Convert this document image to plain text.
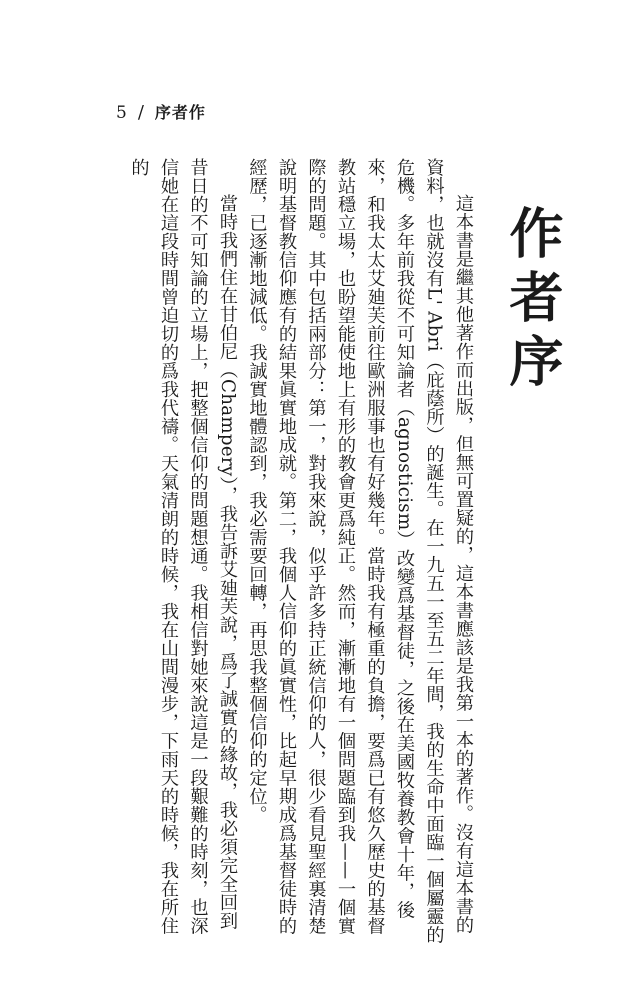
5 / 序者作
作者序

這本書是繼其他著作而出版，但無可置疑的，這本書應該是我第一本的著作。沒有這本書的資料，也就沒有L' Abri（庇蔭所）的誕生。在一九五一至五二年間，我的生命中面臨一個屬靈的危機。多年前我從不可知論者（agnosticism）改變爲基督徒，之後在美國牧養教會十年，後來，和我太太艾廸芙前往歐洲服事也有好幾年。當時我有極重的負擔，要爲已有悠久歷史的基督教站穩立場，也盼望能使地上有形的教會更爲純正。然而，漸漸地有一個問題臨到我——一個實際的問題。其中包括兩部分：第一，對我來說，似乎許多持正統信仰的人，很少看見聖經裏清楚說明基督教信仰應有的結果眞實地成就。第二，我個人信仰的眞實性，比起早期成爲基督徒時的經歷，已逐漸地減低。我誠實地體認到，我必需要回轉，再思我整個信仰的定位。

當時我們住在甘伯尼（Champery），我告訴艾廸芙說，爲了誠實的緣故，我必須完全回到昔日的不可知論的立場上，把整個信仰的問題想通。我相信對她來說這是一段艱難的時刻，也深信她在這段時間曾迫切的爲我代禱。天氣清朗的時候，我在山間漫步，下雨天的時候，我在所住的
